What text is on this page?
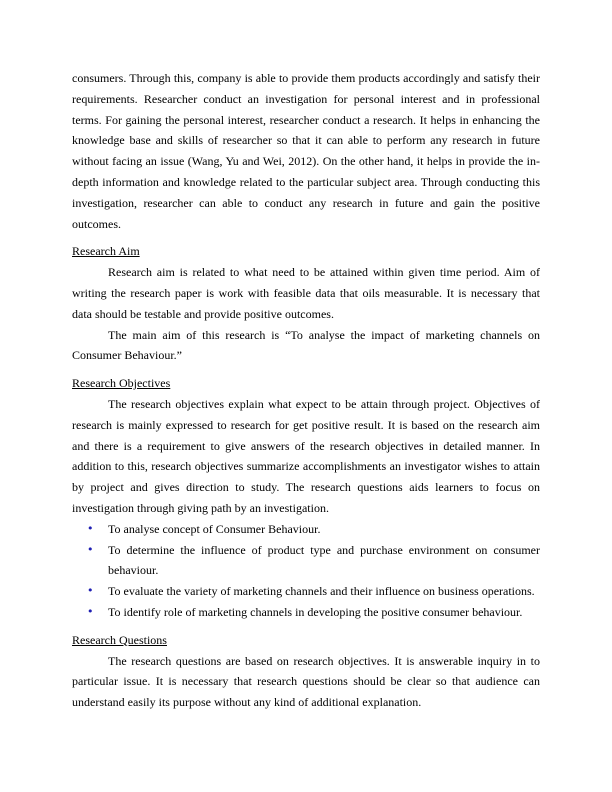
consumers. Through this, company is able to provide them products accordingly and satisfy their requirements. Researcher conduct an investigation for personal interest and in professional terms. For gaining the personal interest, researcher conduct a research. It helps in enhancing the knowledge base and skills of researcher so that it can able to perform any research in future without facing an issue (Wang, Yu and Wei, 2012). On the other hand, it helps in provide the in-depth information and knowledge related to the particular subject area. Through conducting this investigation, researcher can able to conduct any research in future and gain the positive outcomes.

Research Aim

Research aim is related to what need to be attained within given time period. Aim of writing the research paper is work with feasible data that oils measurable. It is necessary that data should be testable and provide positive outcomes.

The main aim of this research is “To analyse the impact of marketing channels on Consumer Behaviour.”

Research Objectives

The research objectives explain what expect to be attain through project. Objectives of research is mainly expressed to research for get positive result. It is based on the research aim and there is a requirement to give answers of the research objectives in detailed manner. In addition to this, research objectives summarize accomplishments an investigator wishes to attain by project and gives direction to study. The research questions aids learners to focus on investigation through giving path by an investigation.

• To analyse concept of Consumer Behaviour.
• To determine the influence of product type and purchase environment on consumer behaviour.
• To evaluate the variety of marketing channels and their influence on business operations.
• To identify role of marketing channels in developing the positive consumer behaviour.
Research Questions

The research questions are based on research objectives. It is answerable inquiry in to particular issue. It is necessary that research questions should be clear so that audience can understand easily its purpose without any kind of additional explanation.
